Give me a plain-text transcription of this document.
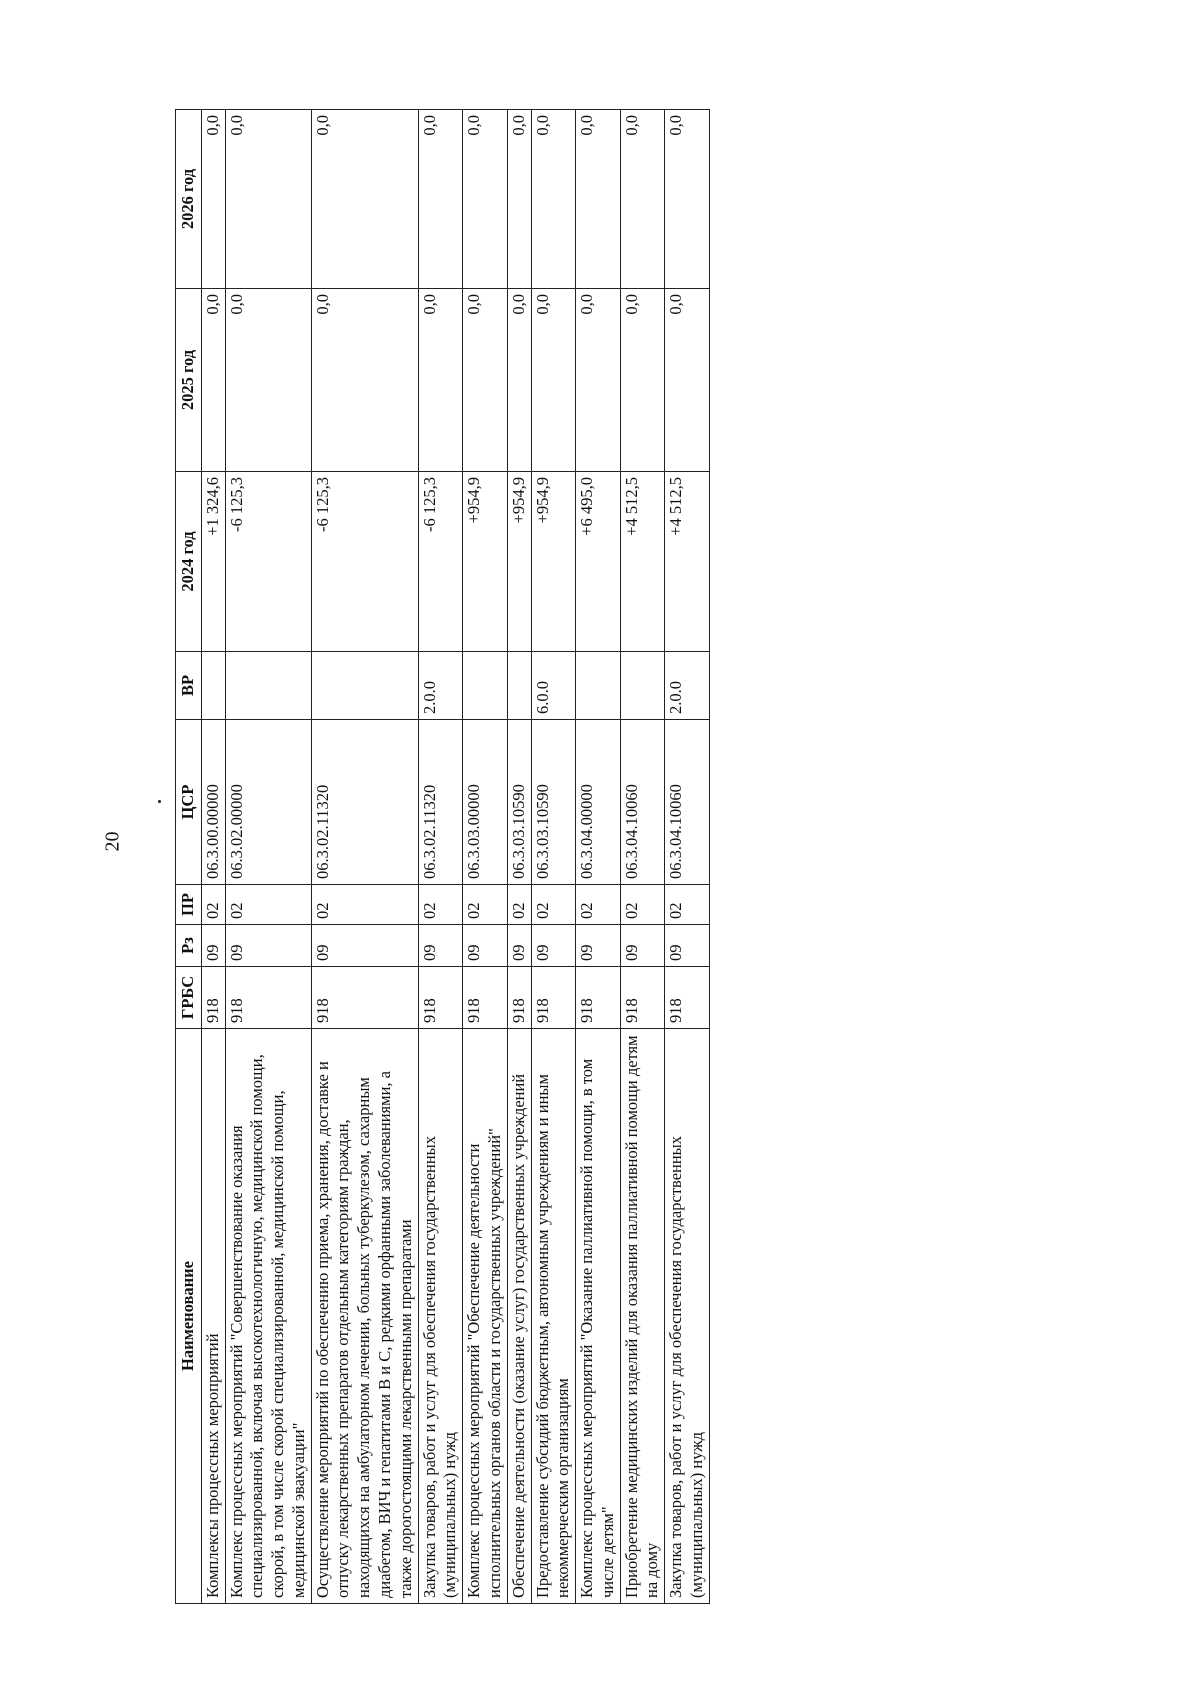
20
Наименование	ГРБС	Рз	ПР	ЦСР	ВР	2024 год	2025 год	2026 год
Комплексы процессных мероприятий	918	09	02	06.3.00.00000		+1 324,6	0,0	0,0
Комплекс процессных мероприятий "Совершенствование оказания специализированной, включая высокотехнологичную, медицинской помощи, скорой, в том числе скорой специализированной, медицинской помощи, медицинской эвакуации"	918	09	02	06.3.02.00000		-6 125,3	0,0	0,0
Осуществление мероприятий по обеспечению приема, хранения, доставке и отпуску лекарственных препаратов отдельным категориям граждан, находящихся на амбулаторном лечении, больных туберкулезом, сахарным диабетом, ВИЧ и гепатитами В и С, редкими орфанными заболеваниями, а также дорогостоящими лекарственными препаратами	918	09	02	06.3.02.11320		-6 125,3	0,0	0,0
Закупка товаров, работ и услуг для обеспечения государственных (муниципальных) нужд	918	09	02	06.3.02.11320	2.0.0	-6 125,3	0,0	0,0
Комплекс процессных мероприятий "Обеспечение деятельности исполнительных органов области и государственных учреждений"	918	09	02	06.3.03.00000		+954,9	0,0	0,0
Обеспечение деятельности (оказание услуг) государственных учреждений	918	09	02	06.3.03.10590		+954,9	0,0	0,0
Предоставление субсидий бюджетным, автономным учреждениям и иным некоммерческим организациям	918	09	02	06.3.03.10590	6.0.0	+954,9	0,0	0,0
Комплекс процессных мероприятий "Оказание паллиативной помощи, в том числе детям"	918	09	02	06.3.04.00000		+6 495,0	0,0	0,0
Приобретение медицинских изделий для оказания паллиативной помощи детям на дому	918	09	02	06.3.04.10060		+4 512,5	0,0	0,0
Закупка товаров, работ и услуг для обеспечения государственных (муниципальных) нужд	918	09	02	06.3.04.10060	2.0.0	+4 512,5	0,0	0,0
